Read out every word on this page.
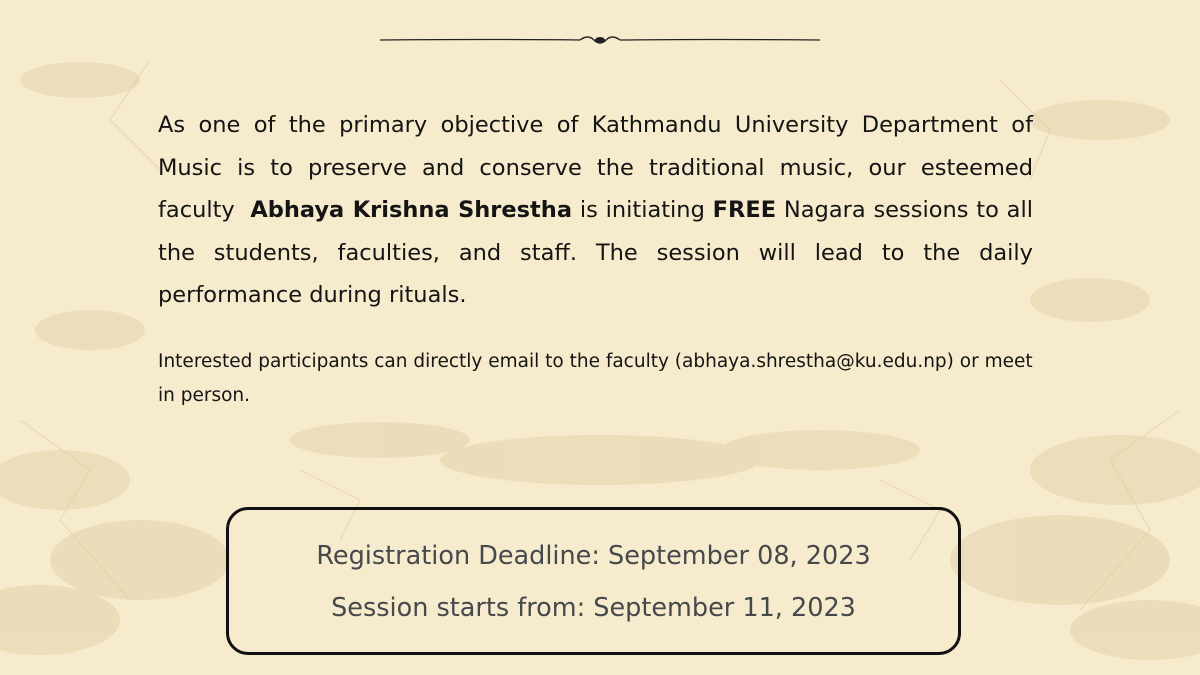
As one of the primary objective of Kathmandu University Department of Music is to preserve and conserve the traditional music, our esteemed faculty  Abhaya Krishna Shrestha is initiating FREE Nagara sessions to all the students, faculties, and staff. The session will lead to the daily performance during rituals.

Interested participants can directly email to the faculty (abhaya.shrestha@ku.edu.np) or meet in person.

Registration Deadline: September 08, 2023
Session starts from: September 11, 2023
